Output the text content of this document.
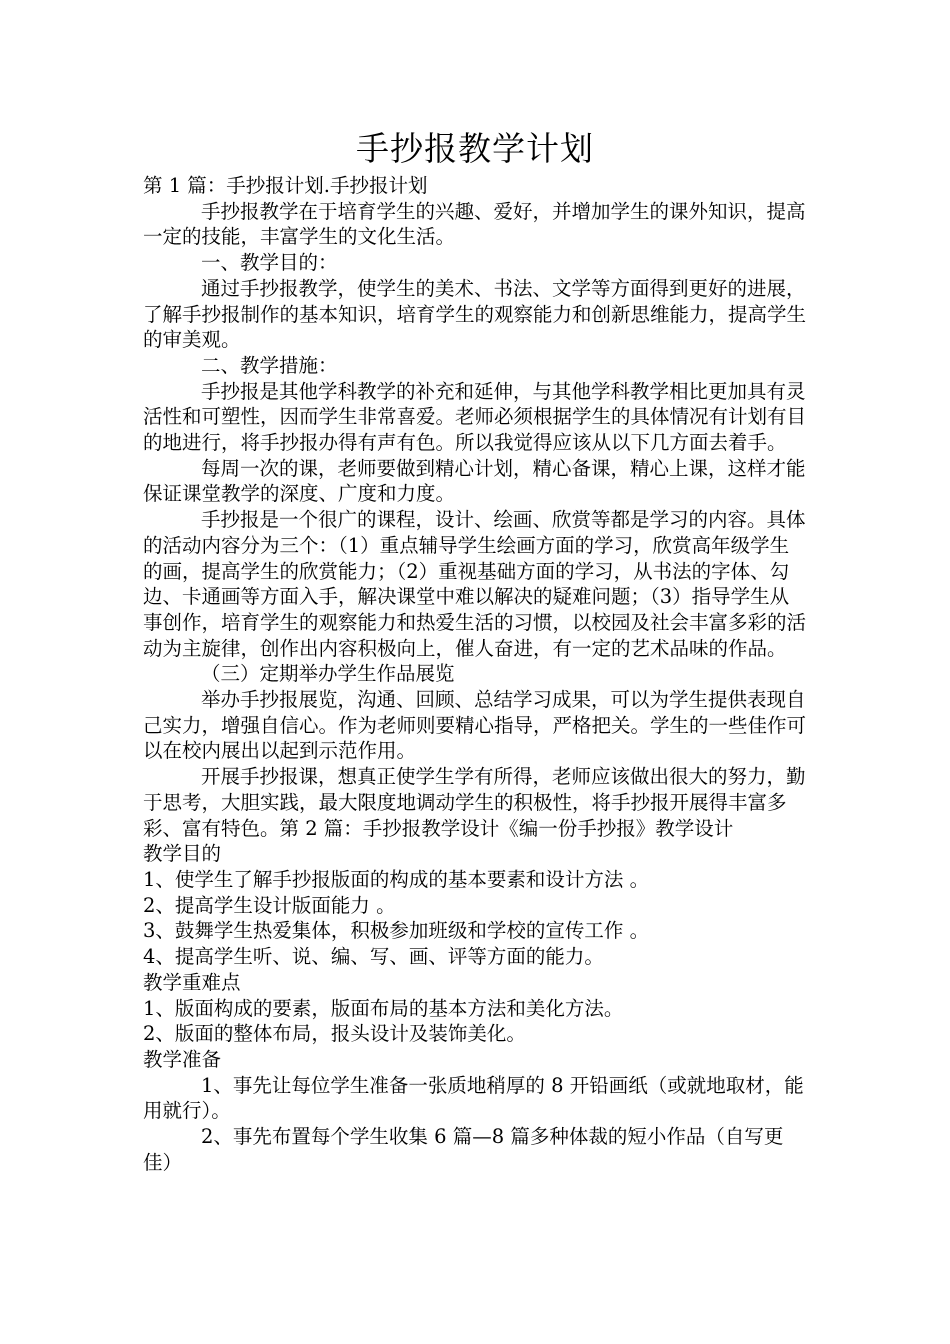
手抄报教学计划

第 1 篇：手抄报计划.手抄报计划

手抄报教学在于培育学生的兴趣、爱好，并增加学生的课外知识，提高一定的技能，丰富学生的文化生活。

一、教学目的：

通过手抄报教学，使学生的美术、书法、文学等方面得到更好的进展，了解手抄报制作的基本知识，培育学生的观察能力和创新思维能力，提高学生的审美观。

二、教学措施：

手抄报是其他学科教学的补充和延伸，与其他学科教学相比更加具有灵活性和可塑性，因而学生非常喜爱。老师必须根据学生的具体情况有计划有目的地进行，将手抄报办得有声有色。所以我觉得应该从以下几方面去着手。

每周一次的课，老师要做到精心计划，精心备课，精心上课，这样才能保证课堂教学的深度、广度和力度。

手抄报是一个很广的课程，设计、绘画、欣赏等都是学习的内容。具体的活动内容分为三个：（1）重点辅导学生绘画方面的学习，欣赏高年级学生的画，提高学生的欣赏能力；（2）重视基础方面的学习，从书法的字体、勾边、卡通画等方面入手，解决课堂中难以解决的疑难问题；（3）指导学生从事创作，培育学生的观察能力和热爱生活的习惯，以校园及社会丰富多彩的活动为主旋律，创作出内容积极向上，催人奋进，有一定的艺术品味的作品。

（三）定期举办学生作品展览

举办手抄报展览，沟通、回顾、总结学习成果，可以为学生提供表现自己实力，增强自信心。作为老师则要精心指导，严格把关。学生的一些佳作可以在校内展出以起到示范作用。

开展手抄报课，想真正使学生学有所得，老师应该做出很大的努力，勤于思考，大胆实践，最大限度地调动学生的积极性，将手抄报开展得丰富多彩、富有特色。第 2 篇：手抄报教学设计《编一份手抄报》教学设计

教学目的

1、使学生了解手抄报版面的构成的基本要素和设计方法 。

2、提高学生设计版面能力 。

3、鼓舞学生热爱集体，积极参加班级和学校的宣传工作 。

4、提高学生听、说、编、写、画、评等方面的能力。

教学重难点

1、版面构成的要素，版面布局的基本方法和美化方法。

2、版面的整体布局，报头设计及装饰美化。

教学准备

1、事先让每位学生准备一张质地稍厚的 8 开铅画纸（或就地取材，能用就行）。

2、事先布置每个学生收集 6 篇—8 篇多种体裁的短小作品（自写更佳）
